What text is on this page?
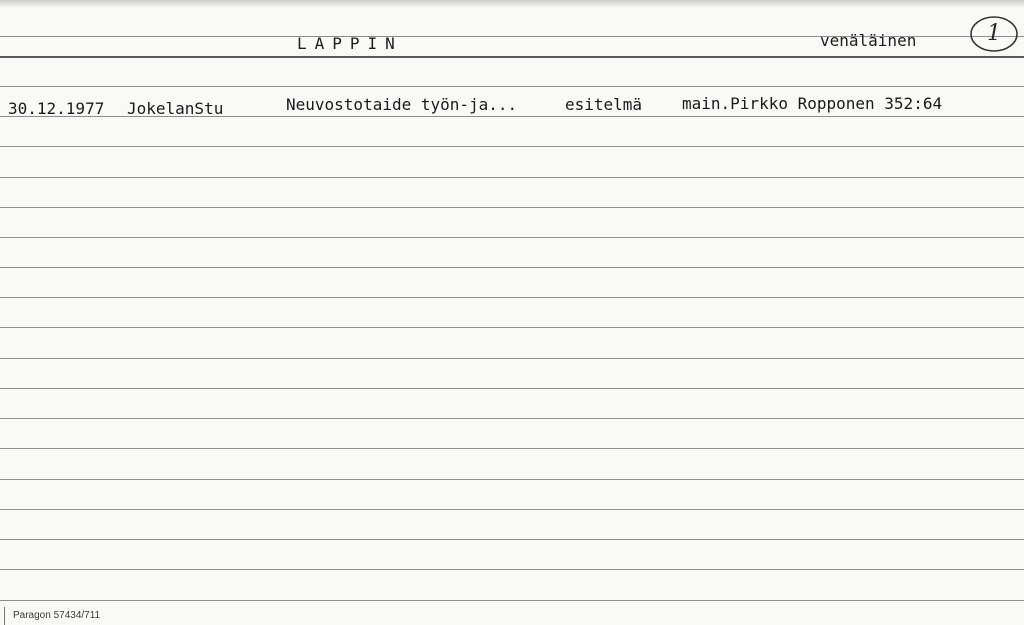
LAPPIN	venäläinen	1
30.12.1977 JokelanStu	Neuvostotaide työn-ja...	esitelmä main.Pirkko Ropponen 352:64
Paragon 57434/711
